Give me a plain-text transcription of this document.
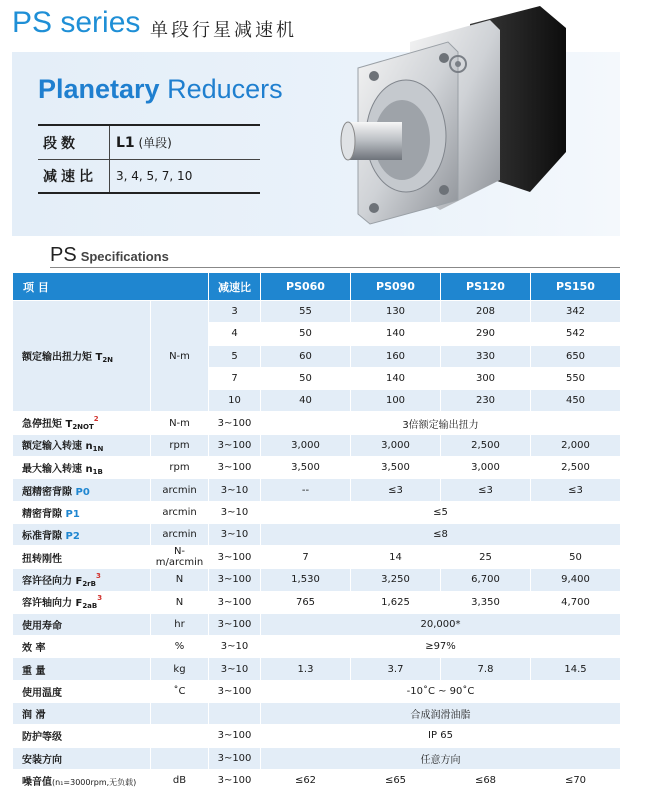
PS series 单段行星减速机
Planetary Reducers
段数	L1 (单段)
减速比	3, 4, 5, 7, 10
PS Specifications
项 目		减速比	PS060	PS090	PS120	PS150
额定输出扭力矩 $T_{2N}$	N-m	3	55	130	208	342
		4	50	140	290	542
		5	60	160	330	650
		7	50	140	300	550
		10	40	100	230	450
急停扭矩 $T_{2NOT}^2$	N-m	3~100	3倍额定输出扭力			
额定输入转速 $n_{1N}$	rpm	3~100	3,000	3,000	2,500	2,000
最大输入转速 $n_{1B}$	rpm	3~100	3,500	3,500	3,000	2,500
超精密背隙 P0	arcmin	3~10	--	≤3	≤3	≤3
精密背隙 P1	arcmin	3~10	≤5			
标准背隙 P2	arcmin	3~10	≤8			
扭转刚性	N-m/arcmin	3~100	7	14	25	50
容许径向力 $F_{2rB}^3$	N	3~100	1,530	3,250	6,700	9,400
容许轴向力 $F_{2aB}^3$	N	3~100	765	1,625	3,350	4,700
使用寿命	hr	3~100	20,000*			
效 率	%	3~10	≥97%			
重 量	kg	3~10	1.3	3.7	7.8	14.5
使用温度	˚C	3~100	-10˚C ~ 90˚C			
润 滑			合成润滑油脂			
防护等级		3~100	IP 65			
安装方向		3~100	任意方向			
噪音值(n₁=3000rpm,无负载)	dB	3~100	≤62	≤65	≤68	≤70
